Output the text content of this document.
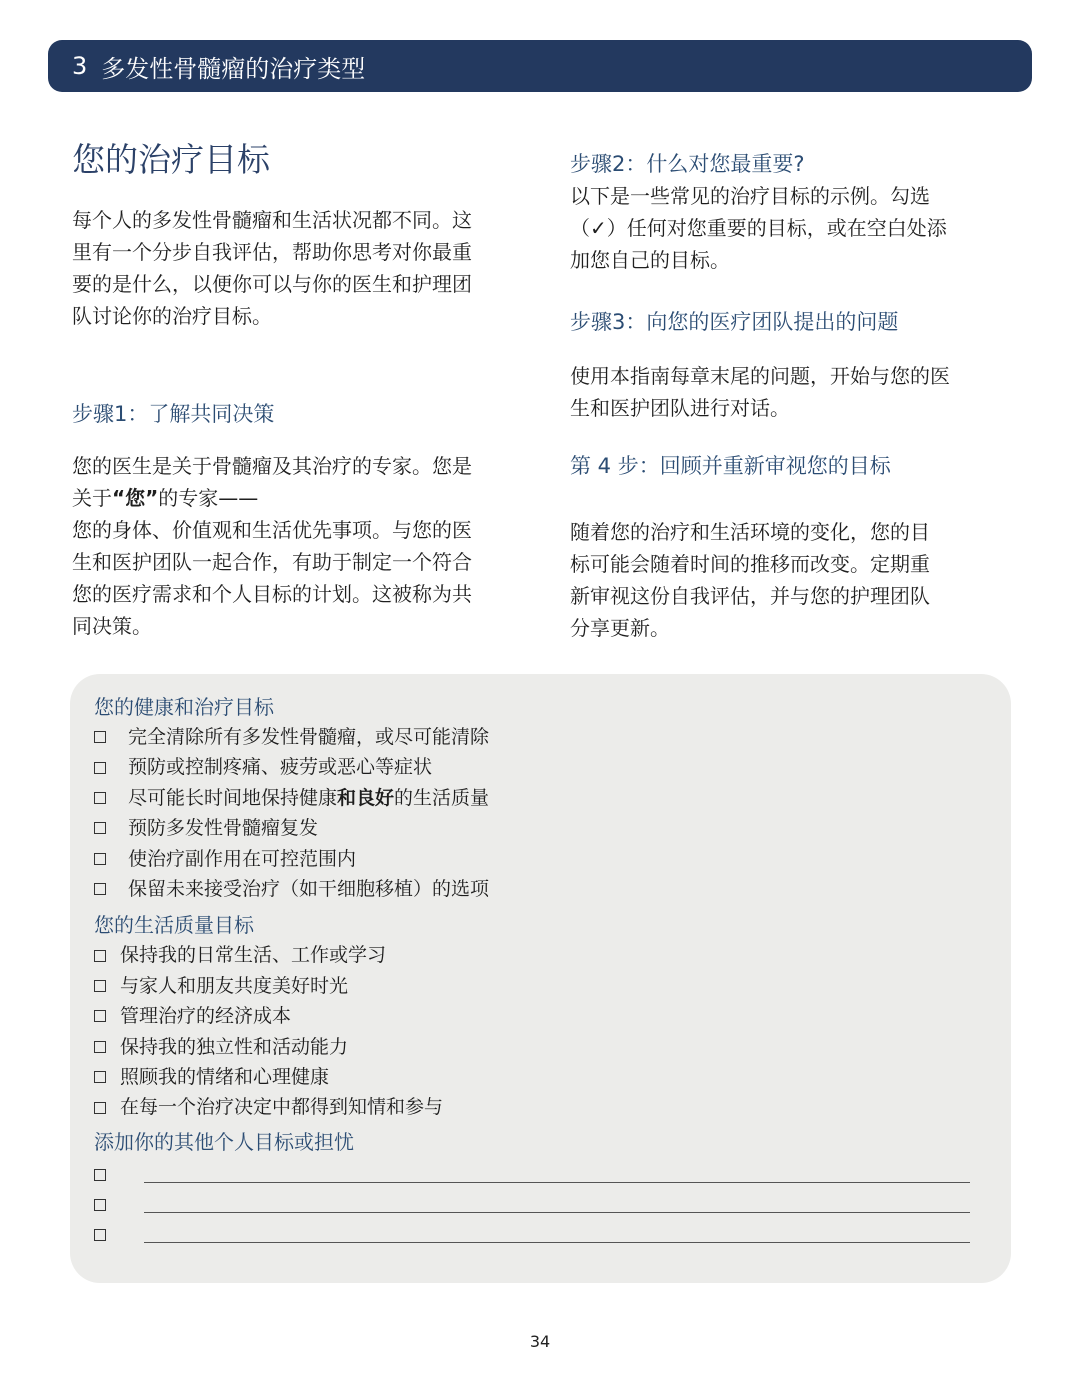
3 多发性骨髓瘤的治疗类型
您的治疗目标

每个人的多发性骨髓瘤和生活状况都不同。这
里有一个分步自我评估，帮助你思考对你最重
要的是什么，以便你可以与你的医生和护理团
队讨论你的治疗目标。

步骤1：了解共同决策

您的医生是关于骨髓瘤及其治疗的专家。您是
关于“您”的专家——
您的身体、价值观和生活优先事项。与您的医
生和医护团队一起合作，有助于制定一个符合
您的医疗需求和个人目标的计划。这被称为共
同决策。

步骤2：什么对您最重要?

以下是一些常见的治疗目标的示例。勾选
（✓）任何对您重要的目标，或在空白处添
加您自己的目标。

步骤3：向您的医疗团队提出的问题

使用本指南每章末尾的问题，开始与您的医
生和医护团队进行对话。

第 4 步：回顾并重新审视您的目标

随着您的治疗和生活环境的变化，您的目
标可能会随着时间的推移而改变。定期重
新审视这份自我评估，并与您的护理团队
分享更新。

您的健康和治疗目标
完全清除所有多发性骨髓瘤，或尽可能清除
预防或控制疼痛、疲劳或恶心等症状
尽可能长时间地保持健康 和良好 的生活质量
预防多发性骨髓瘤复发
使治疗副作用在可控范围内
保留未来接受治疗（如干细胞移植）的选项
您的生活质量目标
保持我的日常生活、工作或学习
与家人和朋友共度美好时光
管理治疗的经济成本
保持我的独立性和活动能力
照顾我的情绪和心理健康
在每一个治疗决定中都得到知情和参与
添加你的其他个人目标或担忧
34
